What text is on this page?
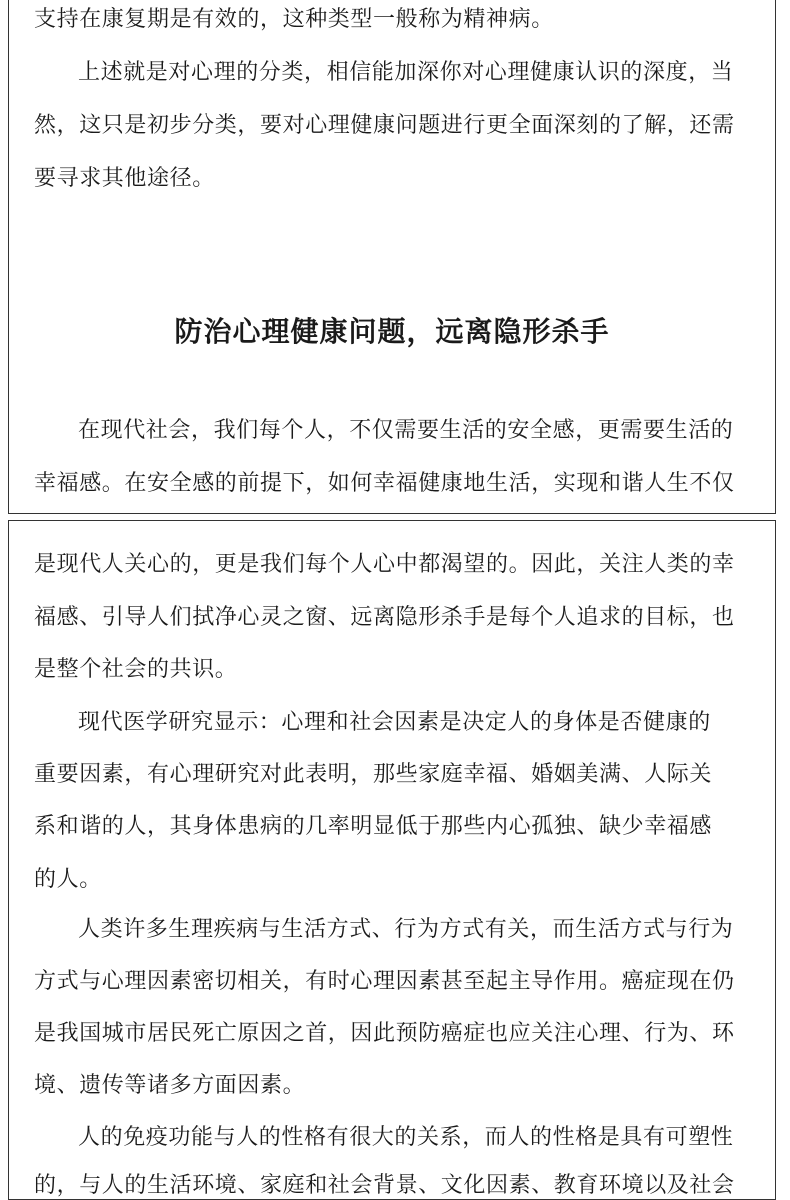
支持在康复期是有效的，这种类型一般称为精神病。
上述就是对心理的分类，相信能加深你对心理健康认识的深度，当
然，这只是初步分类，要对心理健康问题进行更全面深刻的了解，还需
要寻求其他途径。
防治心理健康问题，远离隐形杀手
在现代社会，我们每个人，不仅需要生活的安全感，更需要生活的
幸福感。在安全感的前提下，如何幸福健康地生活，实现和谐人生不仅
是现代人关心的，更是我们每个人心中都渴望的。因此，关注人类的幸
福感、引导人们拭净心灵之窗、远离隐形杀手是每个人追求的目标，也
是整个社会的共识。
现代医学研究显示：心理和社会因素是决定人的身体是否健康的
重要因素，有心理研究对此表明，那些家庭幸福、婚姻美满、人际关
系和谐的人，其身体患病的几率明显低于那些内心孤独、缺少幸福感
的人。
人类许多生理疾病与生活方式、行为方式有关，而生活方式与行为
方式与心理因素密切相关，有时心理因素甚至起主导作用。癌症现在仍
是我国城市居民死亡原因之首，因此预防癌症也应关注心理、行为、环
境、遗传等诸多方面因素。
人的免疫功能与人的性格有很大的关系，而人的性格是具有可塑性
的，与人的生活环境、家庭和社会背景、文化因素、教育环境以及社会
